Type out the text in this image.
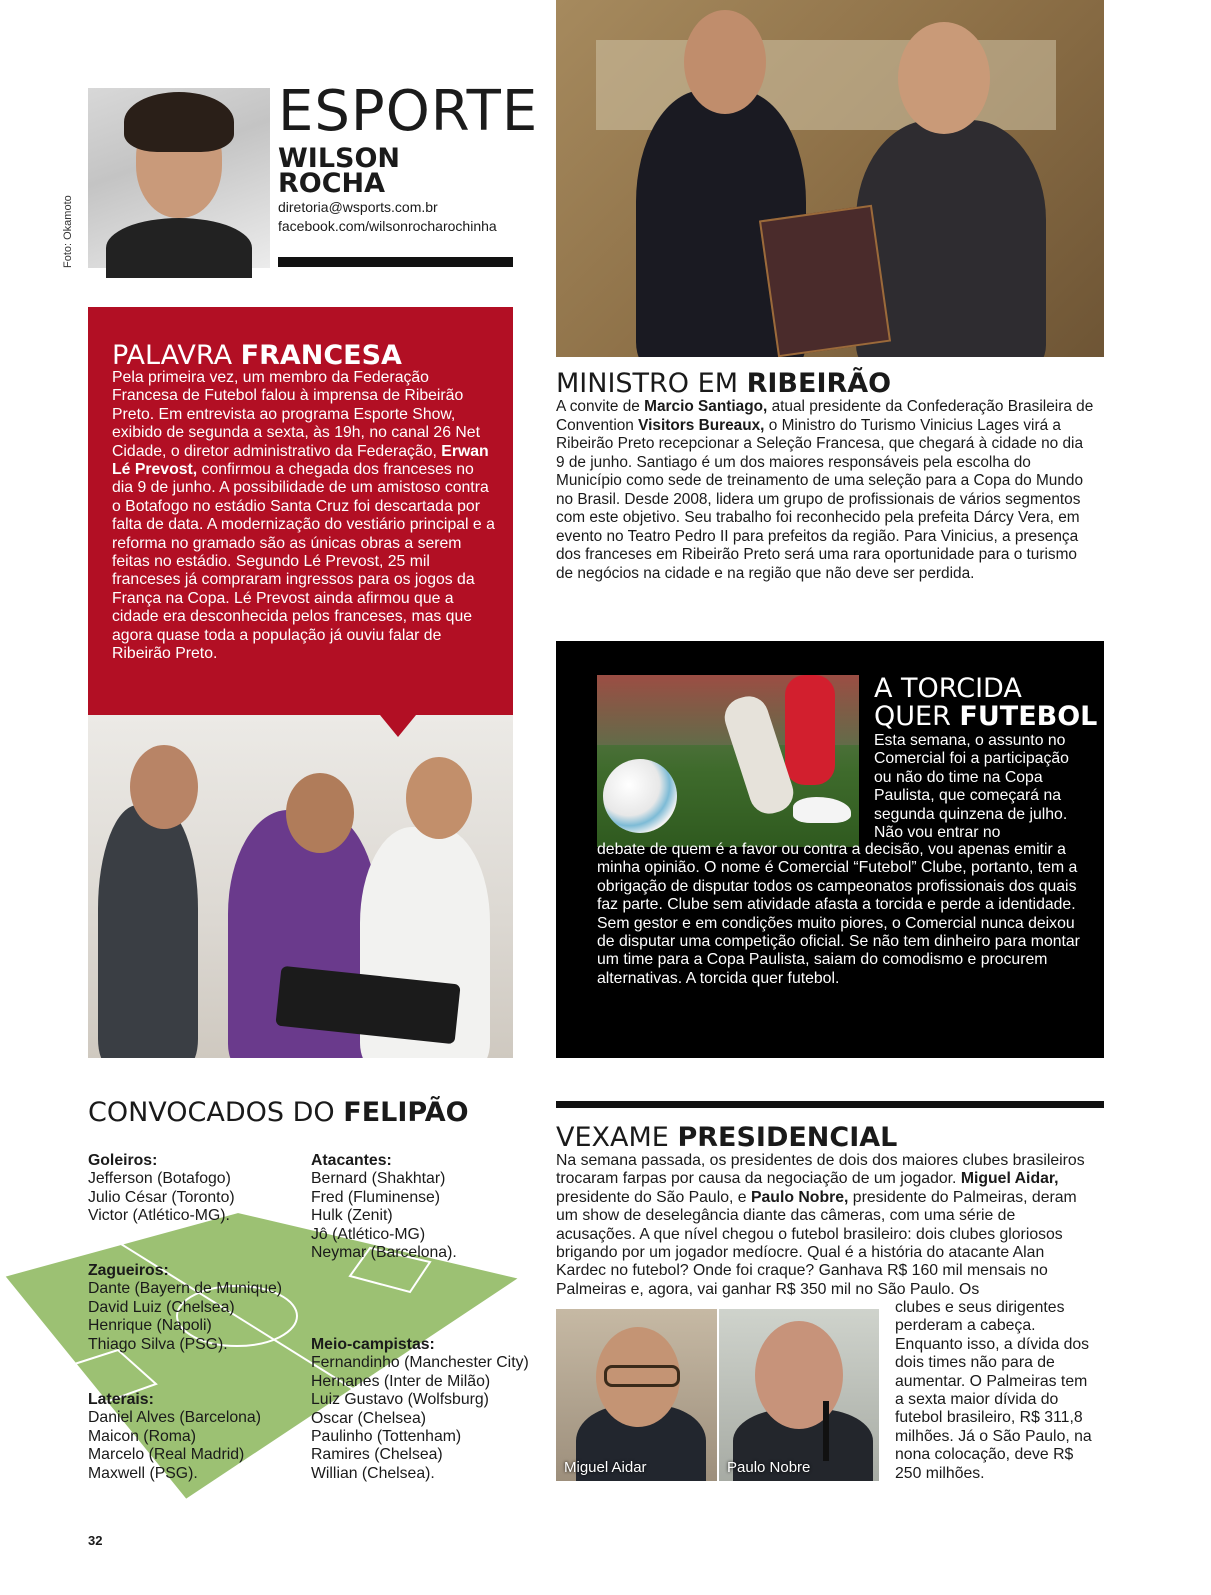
Foto: Okamoto
ESPORTE
WILSON
ROCHA
diretoria@wsports.com.br
facebook.com/wilsonrocharochinha
PALAVRA FRANCESA
Pela primeira vez, um membro da Federação Francesa de Futebol falou à imprensa de Ribeirão Preto. Em entrevista ao programa Esporte Show, exibido de segunda a sexta, às 19h, no canal 26 Net Cidade, o diretor administrativo da Federação, Erwan Lé Prevost, confirmou a chegada dos franceses no dia 9 de junho. A possibilidade de um amistoso contra o Botafogo no estádio Santa Cruz foi descartada por falta de data. A modernização do vestiário principal e a reforma no gramado são as únicas obras a serem feitas no estádio. Segundo Lé Prevost, 25 mil franceses já compraram ingressos para os jogos da França na Copa. Lé Prevost ainda afirmou que a cidade era desconhecida pelos franceses, mas que agora quase toda a população já ouviu falar de Ribeirão Preto.
MINISTRO EM RIBEIRÃO
A convite de Marcio Santiago, atual presidente da Confederação Brasileira de Convention Visitors Bureaux, o Ministro do Turismo Vinicius Lages virá a Ribeirão Preto recepcionar a Seleção Francesa, que chegará à cidade no dia 9 de junho. Santiago é um dos maiores responsáveis pela escolha do Município como sede de treinamento de uma seleção para a Copa do Mundo no Brasil. Desde 2008, lidera um grupo de profissionais de vários segmentos com este objetivo. Seu trabalho foi reconhecido pela prefeita Dárcy Vera, em evento no Teatro Pedro II para prefeitos da região. Para Vinicius, a presença dos franceses em Ribeirão Preto será uma rara oportunidade para o turismo de negócios na cidade e na região que não deve ser perdida.
A TORCIDA
QUER FUTEBOL
Esta semana, o assunto no Comercial foi a participação ou não do time na Copa Paulista, que começará na segunda quinzena de julho. Não vou entrar no
debate de quem é a favor ou contra a decisão, vou apenas emitir a minha opinião. O nome é Comercial “Futebol” Clube, portanto, tem a obrigação de disputar todos os campeonatos profissionais dos quais faz parte. Clube sem atividade afasta a torcida e perde a identidade. Sem gestor e em condições muito piores, o Comercial nunca deixou de disputar uma competição oficial. Se não tem dinheiro para montar um time para a Copa Paulista, saiam do comodismo e procurem alternativas. A torcida quer futebol.
CONVOCADOS DO FELIPÃO
Goleiros:
Jefferson (Botafogo)
Julio César (Toronto)
Victor (Atlético-MG).
Zagueiros:
Dante (Bayern de Munique)
David Luiz (Chelsea)
Henrique (Napoli)
Thiago Silva (PSG).
Laterais:
Daniel Alves (Barcelona)
Maicon (Roma)
Marcelo (Real Madrid)
Maxwell (PSG).
Atacantes:
Bernard (Shakhtar)
Fred (Fluminense)
Hulk (Zenit)
Jô (Atlético-MG)
Neymar (Barcelona).
Meio-campistas:
Fernandinho (Manchester City)
Hernanes (Inter de Milão)
Luiz Gustavo (Wolfsburg)
Oscar (Chelsea)
Paulinho (Tottenham)
Ramires (Chelsea)
Willian (Chelsea).
VEXAME PRESIDENCIAL
Na semana passada, os presidentes de dois dos maiores clubes brasileiros trocaram farpas por causa da negociação de um jogador. Miguel Aidar, presidente do São Paulo, e Paulo Nobre, presidente do Palmeiras, deram um show de deselegância diante das câmeras, com uma série de acusações. A que nível chegou o futebol brasileiro: dois clubes gloriosos brigando por um jogador medíocre. Qual é a história do atacante Alan Kardec no futebol? Onde foi craque? Ganhava R$ 160 mil mensais no Palmeiras e, agora, vai ganhar R$ 350 mil no São Paulo. Os
clubes e seus dirigentes perderam a cabeça. Enquanto isso, a dívida dos dois times não para de aumentar. O Palmeiras tem a sexta maior dívida do futebol brasileiro, R$ 311,8 milhões. Já o São Paulo, na nona colocação, deve R$ 250 milhões.
Miguel Aidar	Paulo Nobre
32
